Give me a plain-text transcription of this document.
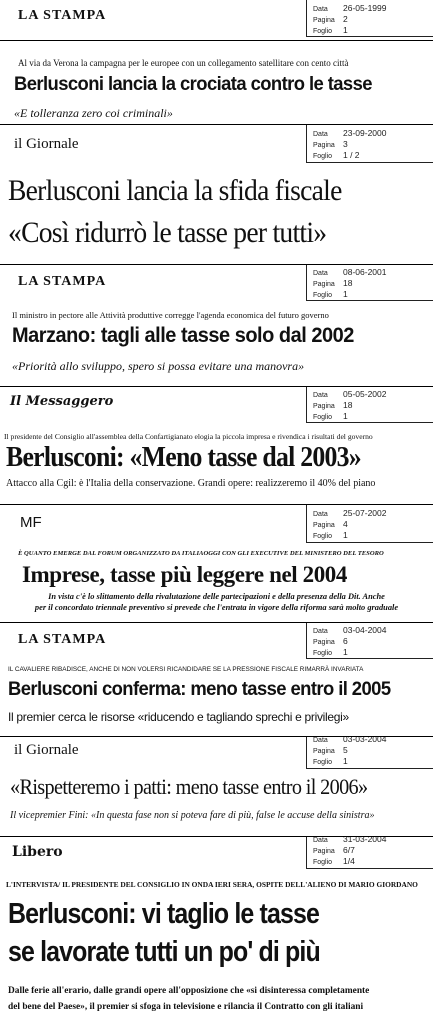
LA STAMPA	Data 26-05-1999
Pagina 2
Foglio 1
Al via da Verona la campagna per le europee con un collegamento satellitare con cento città
Berlusconi lancia la crociata contro le tasse
«E tolleranza zero coi criminali»
il Giornale
Data 23-09-2000
Pagina 3
Foglio 1 / 2
Berlusconi lancia la sfida fiscale
«Così ridurrò le tasse per tutti»
LA STAMPA
Data 08-06-2001
Pagina 18
Foglio 1
Il ministro in pectore alle Attività produttive corregge l'agenda economica del futuro governo
Marzano: tagli alle tasse solo dal 2002
«Priorità allo sviluppo, spero si possa evitare una manovra»
Il Messaggero	Data 05-05-2002
Pagina 18
Foglio 1
Il presidente del Consiglio all'assemblea della Confartigianato elogia la piccola impresa e rivendica i risultati del governo
Berlusconi: «Meno tasse dal 2003»
Attacco alla Cgil: è l'Italia della conservazione. Grandi opere: realizzeremo il 40% del piano
MF	Data 25-07-2002
Pagina 4
Foglio 1
È QUANTO EMERGE DAL FORUM ORGANIZZATO DA ITALIAOGGI CON GLI EXECUTIVE DEL MINISTERO DEL TESORO
Imprese, tasse più leggere nel 2004
In vista c'è lo slittamento della rivalutazione delle partecipazioni e della presenza della Dit. Anche
per il concordato triennale preventivo si prevede che l'entrata in vigore della riforma sarà molto graduale
LA STAMPA
Data 03-04-2004
Pagina 6
Foglio 1
IL CAVALIERE RIBADISCE, ANCHE DI NON VOLERSI RICANDIDARE SE LA PRESSIONE FISCALE RIMARRÀ INVARIATA
Berlusconi conferma: meno tasse entro il 2005
Il premier cerca le risorse «riducendo e tagliando sprechi e privilegi»
il Giornale
Data 03-03-2004
Pagina 5
Foglio 1
«Rispetteremo i patti: meno tasse entro il 2006»
Il vicepremier Fini: «In questa fase non si poteva fare di più, false le accuse della sinistra»
Libero
Data 31-03-2004
Pagina 6/7
Foglio 1/4
L'INTERVISTA/ IL PRESIDENTE DEL CONSIGLIO IN ONDA IERI SERA, OSPITE DELL'ALIENO DI MARIO GIORDANO
Berlusconi: vi taglio le tasse
se lavorate tutti un po' di più
Dalle ferie all'erario, dalle grandi opere all'opposizione che «si disinteressa completamente
del bene del Paese», il premier si sfoga in televisione e rilancia il Contratto con gli italiani
